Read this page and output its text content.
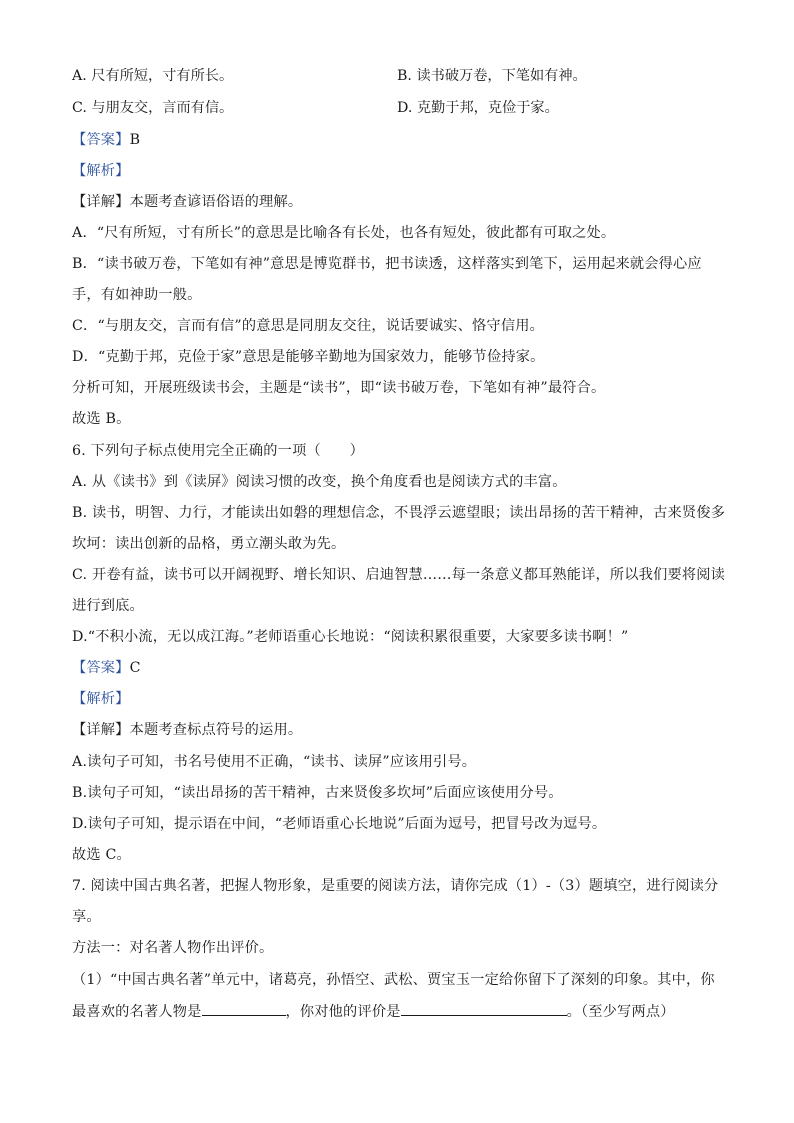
A. 尺有所短，寸有所长。	B. 读书破万卷，下笔如有神。
C. 与朋友交，言而有信。	D. 克勤于邦，克俭于家。
【答案】B
【解析】
【详解】本题考查谚语俗语的理解。
A．“尺有所短，寸有所长”的意思是比喻各有长处，也各有短处，彼此都有可取之处。
B．“读书破万卷，下笔如有神”意思是博览群书，把书读透，这样落实到笔下，运用起来就会得心应
手，有如神助一般。
C．“与朋友交，言而有信”的意思是同朋友交往，说话要诚实、恪守信用。
D．“克勤于邦，克俭于家”意思是能够辛勤地为国家效力，能够节俭持家。
分析可知，开展班级读书会，主题是“读书”，即“读书破万卷，下笔如有神”最符合。
故选 B。
6. 下列句子标点使用完全正确的一项（　　）
A. 从《读书》到《读屏》阅读习惯的改变，换个角度看也是阅读方式的丰富。
B. 读书，明智、力行，才能读出如磐的理想信念，不畏浮云遮望眼；读出昂扬的苦干精神，古来贤俊多
坎坷：读出创新的品格，勇立潮头敢为先。
C. 开卷有益，读书可以开阔视野、增长知识、启迪智慧……每一条意义都耳熟能详，所以我们要将阅读
进行到底。
D.“不积小流，无以成江海。”老师语重心长地说：“阅读积累很重要，大家要多读书啊！”
【答案】C
【解析】
【详解】本题考查标点符号的运用。
A.读句子可知，书名号使用不正确，“读书、读屏”应该用引号。
B.读句子可知，“读出昂扬的苦干精神，古来贤俊多坎坷”后面应该使用分号。
D.读句子可知，提示语在中间，“老师语重心长地说”后面为逗号，把冒号改为逗号。
故选 C。
7. 阅读中国古典名著，把握人物形象，是重要的阅读方法，请你完成（1）-（3）题填空，进行阅读分
享。
方法一：对名著人物作出评价。
（1）“中国古典名著”单元中，诸葛亮，孙悟空、武松、贾宝玉一定给你留下了深刻的印象。其中，你
最喜欢的名著人物是	，你对他的评价是	。（至少写两点）
